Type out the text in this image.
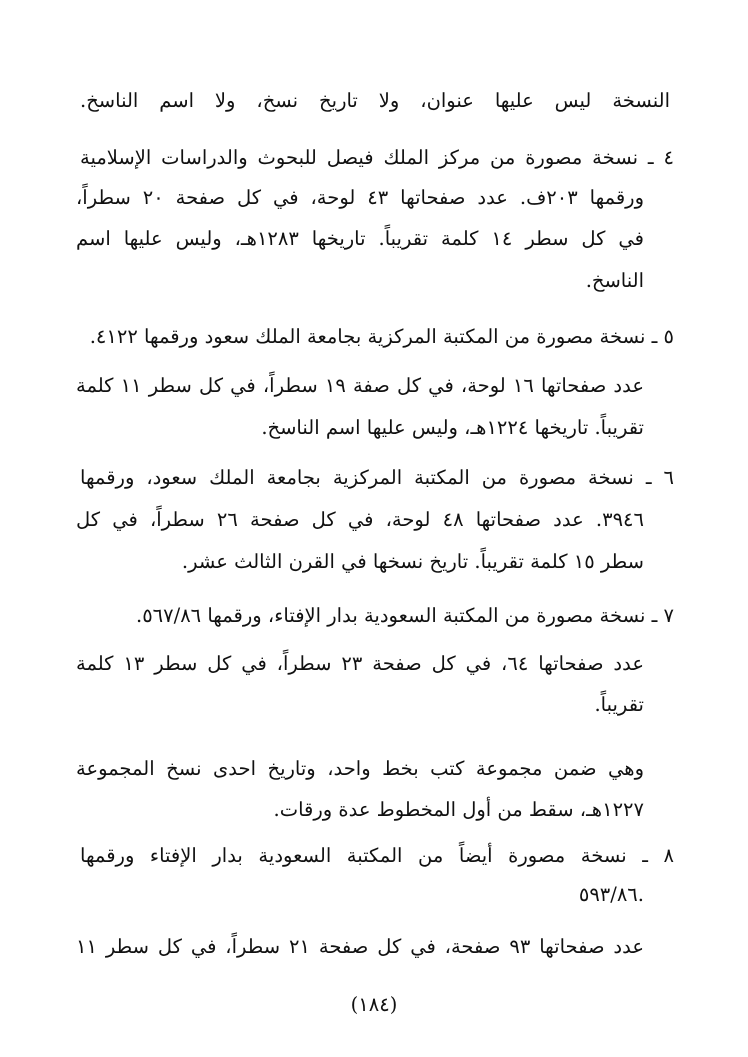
النسخة ليس عليها عنوان، ولا تاريخ نسخ، ولا اسم الناسخ.
٤ ـ نسخة مصورة من مركز الملك فيصل للبحوث والدراسات الإسلامية
ورقمها ٢٠٣ف. عدد صفحاتها ٤٣ لوحة، في كل صفحة ٢٠ سطراً،
في كل سطر ١٤ كلمة تقريباً. تاريخها ١٢٨٣هـ، وليس عليها اسم
الناسخ.
٥ ـ نسخة مصورة من المكتبة المركزية بجامعة الملك سعود ورقمها ٤١٢٢.
عدد صفحاتها ١٦ لوحة، في كل صفة ١٩ سطراً، في كل سطر ١١ كلمة
تقريباً. تاريخها ١٢٢٤هـ، وليس عليها اسم الناسخ.
٦ ـ نسخة مصورة من المكتبة المركزية بجامعة الملك سعود، ورقمها
٣٩٤٦. عدد صفحاتها ٤٨ لوحة، في كل صفحة ٢٦ سطراً، في كل
سطر ١٥ كلمة تقريباً. تاريخ نسخها في القرن الثالث عشر.
٧ ـ نسخة مصورة من المكتبة السعودية بدار الإفتاء، ورقمها ٥٦٧/٨٦.
عدد صفحاتها ٦٤، في كل صفحة ٢٣ سطراً، في كل سطر ١٣ كلمة
تقريباً.
وهي ضمن مجموعة كتب بخط واحد، وتاريخ احدى نسخ المجموعة
١٢٢٧هـ، سقط من أول المخطوط عدة ورقات.
٨ ـ نسخة مصورة أيضاً من المكتبة السعودية بدار الإفتاء ورقمها
٥٩٣/٨٦.
عدد صفحاتها ٩٣ صفحة، في كل صفحة ٢١ سطراً، في كل سطر ١١
(١٨٤)
